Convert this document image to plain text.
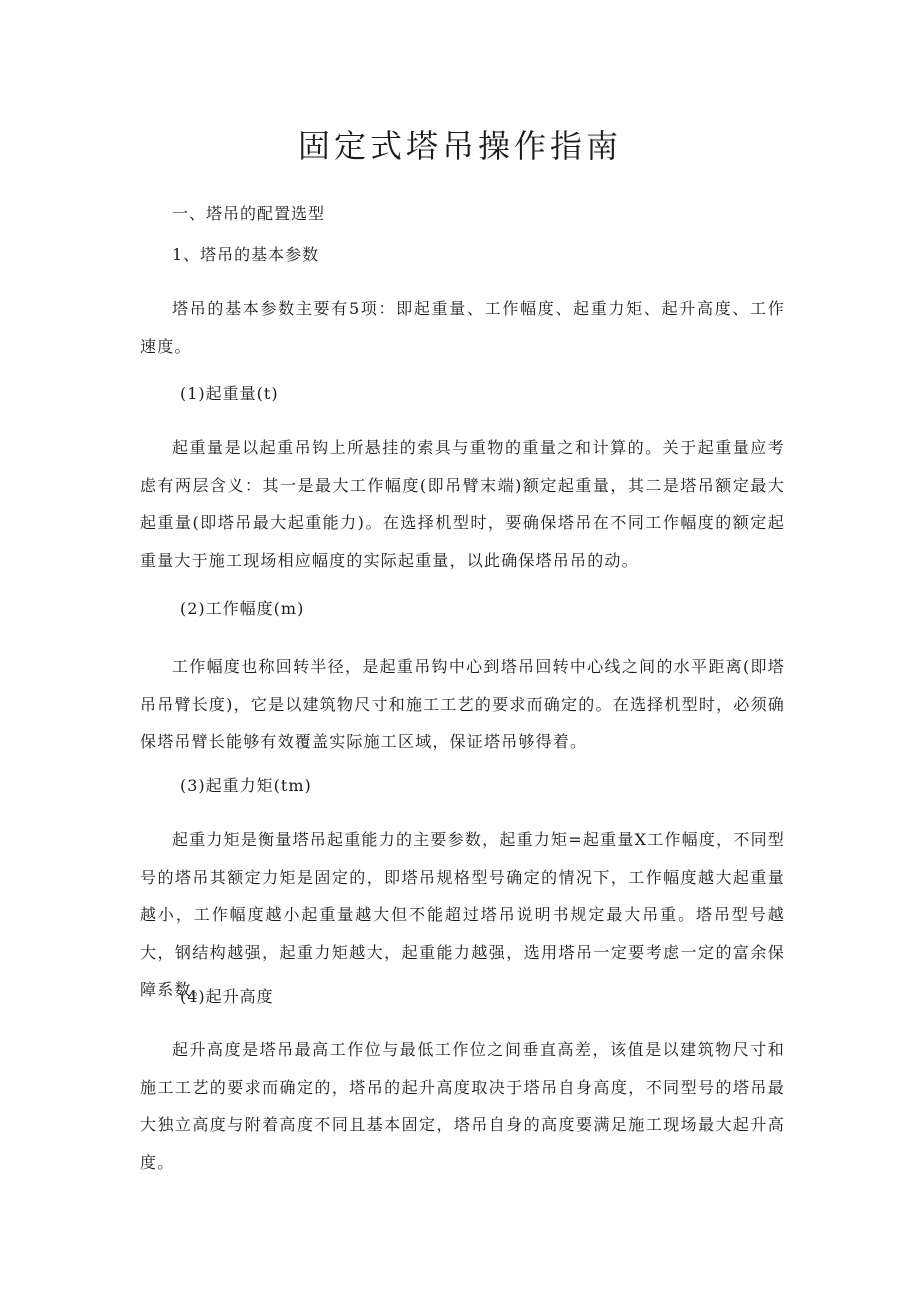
固定式塔吊操作指南

一、塔吊的配置选型

1、塔吊的基本参数

塔吊的基本参数主要有5项：即起重量、工作幅度、起重力矩、起升高度、工作速度。

(1)起重量(t)

起重量是以起重吊钩上所悬挂的索具与重物的重量之和计算的。关于起重量应考虑有两层含义：其一是最大工作幅度(即吊臂末端)额定起重量，其二是塔吊额定最大起重量(即塔吊最大起重能力)。在选择机型时，要确保塔吊在不同工作幅度的额定起重量大于施工现场相应幅度的实际起重量，以此确保塔吊吊的动。

(2)工作幅度(m)

工作幅度也称回转半径，是起重吊钩中心到塔吊回转中心线之间的水平距离(即塔吊吊臂长度)，它是以建筑物尺寸和施工工艺的要求而确定的。在选择机型时，必须确保塔吊臂长能够有效覆盖实际施工区域，保证塔吊够得着。

(3)起重力矩(tm)

起重力矩是衡量塔吊起重能力的主要参数，起重力矩=起重量X工作幅度，不同型号的塔吊其额定力矩是固定的，即塔吊规格型号确定的情况下，工作幅度越大起重量越小，工作幅度越小起重量越大但不能超过塔吊说明书规定最大吊重。塔吊型号越大，钢结构越强，起重力矩越大，起重能力越强，选用塔吊一定要考虑一定的富余保障系数。

(4)起升高度

起升高度是塔吊最高工作位与最低工作位之间垂直高差，该值是以建筑物尺寸和施工工艺的要求而确定的，塔吊的起升高度取决于塔吊自身高度，不同型号的塔吊最大独立高度与附着高度不同且基本固定，塔吊自身的高度要满足施工现场最大起升高度。
